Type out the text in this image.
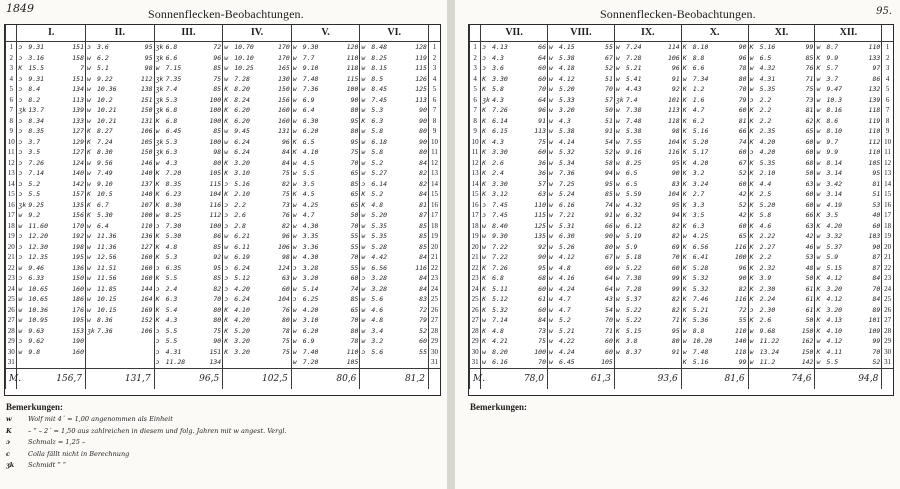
1849	Sonnenflecken-Beobachtungen.
	I.	II.	III.	IV.	V.	VI.	
1	ɔ 9.31 151	ɔ 3.6 95	ʒk 6.8 72	w 10.70 170	w 9.30 120	w 8.48 128	1
2	ɔ 3.16 158	w 6.2 95	ʒk 6.6 96	w 10.10 170	w 7.7 110	w 8.25 119	2
3	K 15.5 7	w 5.1 98	w 7.15 85	w 10.25 165	w 9.10 118	w 8.15 115	3
4	ɔ 9.31 151	w 9.22 112	ʒk 7.35 75	w 7.28 130	w 7.48 115	w 8.5 126	4
5	ɔ 8.4 134	w 10.36 138	ʒk 7.4 85	K 8.20 150	w 7.36 100	w 8.45 125	5
6	ɔ 8.2 113	w 10.2 151	ʒk 5.3 100	K 8.24 156	w 6.9 90	w 7.45 113	6
7	ʒk 13.7 139	w 10.21 150	ʒk 6.8 100	K 6.20 160	w 6.4 80	w 5.3 90	7
8	ɔ 8.34 133	w 10.21 131	K 6.8 100	K 6.20 160	w 6.30 95	K 6.3 90	8
9	ɔ 8.35 127	K 8.27 106	w 6.45 85	w 9.45 131	w 6.20 80	w 5.8 80	9
10	ɔ 3.7 129	K 7.24 105	ʒk 5.3 100	w 6.24 96	K 6.5 95	w 6.18 90	10
11	ɔ 3.5 127	K 8.30 150	ʒk 6.3 98	w 6.24 84	K 4.10 75	w 5.8 80	11
12	ɔ 7.26 124	w 9.56 146	w 4.3 80	K 3.20 84	w 4.5 70	w 5.2 84	12
13	ɔ 7.14 140	w 7.49 140	K 7.20 105	K 3.10 75	w 5.5 65	w 5.27 82	13
14	ɔ 5.2 142	w 9.10 137	K 8.35 115	ɔ 5.16 82	w 3.5 85	ɔ 6.14 82	14
15	ɔ 5.5 157	K 10.5 140	K 6.23 104	K 2.10 75	K 4.5 65	K 5.2 84	15
16	ʒk 9.25 135	K 6.7 107	K 8.30 116	ɔ 2.2 73	w 4.25 65	K 4.8 81	16
17	w 9.2 156	K 5.30 100	w 8.25 112	ɔ 2.6 76	w 4.7 50	w 5.20 87	17
18	w 11.60 170	w 6.4 110	ɔ 7.30 100	ɔ 2.8 82	w 4.30 70	w 5.35 85	18
19	ɔ 12.20 192	w 11.36 136	K 5.30 86	w 6.21 96	w 3.35 55	w 5.35 85	19
20	ɔ 12.30 198	w 11.36 127	K 4.8 85	w 6.11 106	w 3.36 55	w 5.28 85	20
21	ɔ 12.35 195	w 12.56 160	K 5.3 92	w 6.19 98	w 4.30 70	w 4.42 84	21
22	w 9.46 136	w 11.51 160	ɔ 6.35 95	ɔ 6.24 124	ɔ 3.28 55	w 6.56 116	22
23	ɔ 6.33 150	w 11.56 160	K 5.5 85	ɔ 5.12 63	w 3.20 60	ɔ 3.28 84	23
24	w 10.65 160	w 11.85 144	ɔ 2.4 82	ɔ 4.20 60	w 5.14 74	w 3.28 84	24
25	w 10.65 186	w 10.15 164	K 6.3 70	ɔ 6.24 104	ɔ 6.25 85	w 5.6 83	25
26	w 10.36 176	w 10.15 169	K 5.4 80	K 4.10 76	w 4.20 65	w 4.6 72	26
27	w 10.95 195	w 8.36 152	K 4.3 80	K 4.20 80	w 3.10 70	w 4.8 79	27
28	w 9.63 153	ʒk 7.36 106	ɔ 5.5 75	K 5.20 78	w 6.20 80	w 3.4 52	28
29	ɔ 9.62 190		ɔ 5.5 90	K 3.20 75	w 6.9 78	w 3.2 60	29
30	w 9.8 160		ɔ 4.31 151	K 3.20 75	w 7.40 110	ɔ 5.6 55	30
31			ɔ 11.28 134		w 7.20 105		31
M.	156,7	131,7	96,5	102,5	80,6	81,2	
Bemerkungen:
w	Wolf mit 4´ = 1,00 angenommen als Einheit
K	– ” – 2´ = 1,50 aus zahlreichen in diesem und folg. Jahren mit w angest. Vergl.
ɔ	Schmalz = 1,25 –
c	Colla fällt nicht in Berechnung
ʒk	Schmidt ” ”
95.
Sonnenflecken-Beobachtungen.
	VII.	VIII.	IX.	X.	XI.	XII.	
1	ɔ 4.13 66	w 4.15 55	w 7.24 114	K 8.10 90	K 5.16 99	w 8.7 110	1
2	ɔ 4.3 64	w 5.38 67	w 7.28 106	K 8.8 96	w 6.5 85	K 9.9 133	2
3	ɔ 3.6 60	w 4.18 52	w 5.21 96	K 6.6 78	w 4.32 76	K 5.7 97	3
4	K 3.30 60	w 4.12 51	w 5.41 91	w 7.34 80	w 4.31 71	w 3.7 86	4
5	K 5.8 70	w 5.20 70	w 4.43 92	K 1.2 70	w 5.35 75	w 9.47 132	5
6	ʒk 4.3 64	w 5.33 57	ʒk 7.4 101	K 1.6 79	ɔ 2.2 73	w 10.3 139	6
7	K 7.26 96	w 3.20 50	w 7.38 113	K 4.7 60	K 2.2 81	w 8.16 118	7
8	K 6.14 91	w 4.3 51	w 7.48 118	K 6.2 81	K 2.2 62	K 8.6 119	8
9	K 6.15 113	w 5.38 91	w 5.38 98	K 5.16 66	K 2.35 65	w 8.10 110	9
10	K 4.3 75	w 4.14 54	w 7.55 104	K 5.20 74	K 4.20 60	w 9.7 112	10
11	K 3.30 60	w 5.32 52	w 9.16 116	K 5.17 60	ɔ 4.20 60	w 9.9 110	11
12	K 2.6 36	w 5.34 58	w 8.25 95	K 4.20 67	K 5.35 68	w 8.14 105	12
13	K 2.4 36	w 7.36 94	w 6.5 90	K 3.2 52	K 2.10 50	w 3.14 95	13
14	K 3.30 57	w 7.25 95	w 6.5 83	K 3.24 60	K 4.4 63	w 3.42 81	14
15	K 3.12 63	w 5.24 85	w 5.59 104	K 2.7 42	K 2.5 60	w 3.14 51	15
16	ɔ 7.45 110	w 6.16 74	w 4.32 95	K 3.3 52	K 5.20 60	w 4.19 53	16
17	ɔ 7.45 115	w 7.21 91	w 6.32 94	K 3.5 42	K 5.8 66	K 3.5 40	17
18	w 8.40 125	w 5.31 66	w 6.12 82	K 6.3 60	K 4.6 63	K 4.20 60	18
19	w 9.30 135	w 6.30 90	w 5.19 82	w 4.25 65	K 2.22 42	w 3.32 103	19
20	w 7.22 92	w 5.26 80	w 5.9 69	K 6.56 116	K 2.27 46	w 5.37 90	20
21	w 7.22 90	w 4.12 67	w 5.18 70	K 6.41 100	K 2.2 53	w 5.9 87	21
22	K 7.26 95	w 4.8 69	w 5.22 60	K 5.28 96	K 2.32 48	w 5.15 87	22
23	K 6.8 68	w 4.16 64	w 7.38 99	K 5.32 90	K 3.9 50	K 4.12 84	23
24	K 5.11 60	w 4.24 64	w 7.28 99	K 5.32 82	K 2.30 61	K 3.20 70	24
25	K 5.12 61	w 4.7 43	w 5.37 82	K 7.46 116	K 2.24 61	K 4.12 84	25
26	K 5.32 60	w 4.7 54	w 5.22 82	K 5.21 72	ɔ 2.30 61	K 3.20 89	26
27	w 7.14 84	w 5.2 70	w 5.22 71	K 5.36 55	K 2.6 50	K 4.13 101	27
28	K 4.8 73	w 5.21 71	K 5.15 95	w 8.8 110	w 9.68 150	K 4.10 109	28
29	K 4.21 75	w 4.22 60	K 3.8 80	w 10.20 140	w 11.22 162	w 4.12 99	29
30	w 8.20 100	w 4.24 60	w 8.37 91	w 7.48 118	w 13.24 150	K 4.11 70	30
31	w 6.16 70	w 6.45 105		K 5.16 99	w 11.2 142	w 5.5 52	31
M.	78,0	61,3	93,6	81,6	74,6	94,8	
Bemerkungen:
